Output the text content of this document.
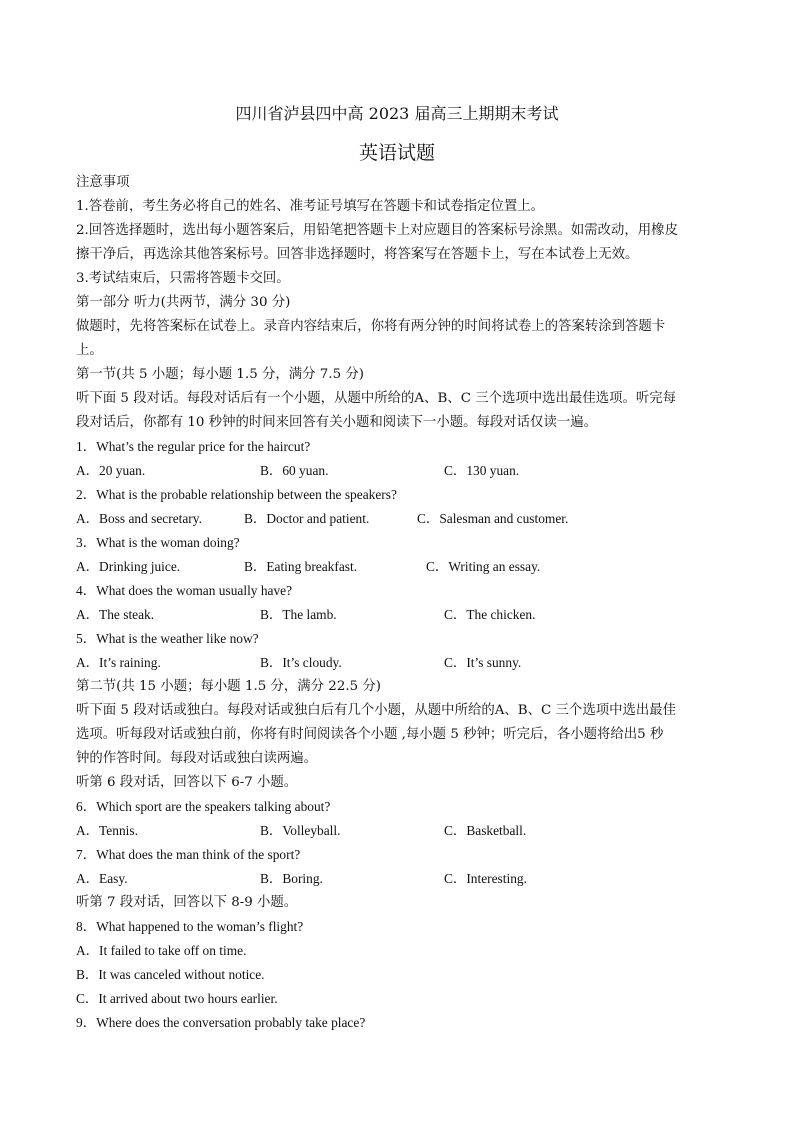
四川省泸县四中高 2023 届高三上期期末考试
英语试题
注意事项
1.答卷前，考生务必将自己的姓名、准考证号填写在答题卡和试卷指定位置上。
2.回答选择题时，选出每小题答案后，用铅笔把答题卡上对应题目的答案标号涂黑。如需改动，用橡皮
擦干净后，再选涂其他答案标号。回答非选择题时，将答案写在答题卡上，写在本试卷上无效。
3.考试结束后，只需将答题卡交回。
第一部分 听力(共两节，满分 30 分)
做题时，先将答案标在试卷上。录音内容结束后，你将有两分钟的时间将试卷上的答案转涂到答题卡
上。
第一节(共 5 小题；每小题 1.5 分，满分 7.5 分)
听下面 5 段对话。每段对话后有一个小题，从题中所给的A、B、C 三个选项中选出最佳选项。听完每
段对话后，你都有 10 秒钟的时间来回答有关小题和阅读下一小题。每段对话仅读一遍。
1．What’s the regular price for the haircut?
A．20 yuan.	B．60 yuan.	C．130 yuan.
2．What is the probable relationship between the speakers?
A．Boss and secretary.	B．Doctor and patient.	C．Salesman and customer.
3．What is the woman doing?
A．Drinking juice.	B．Eating breakfast.	C．Writing an essay.
4．What does the woman usually have?
A．The steak.	B．The lamb.	C．The chicken.
5．What is the weather like now?
A．It’s raining.	B．It’s cloudy.	C．It’s sunny.
第二节(共 15 小题；每小题 1.5 分，满分 22.5 分)
听下面 5 段对话或独白。每段对话或独白后有几个小题，从题中所给的A、B、C 三个选项中选出最佳
选项。听每段对话或独白前，你将有时间阅读各个小题 ,每小题 5 秒钟；听完后，各小题将给出5 秒
钟的作答时间。每段对话或独白读两遍。
听第 6 段对话，回答以下 6-7 小题。
6．Which sport are the speakers talking about?
A．Tennis.	B．Volleyball.	C．Basketball.
7．What does the man think of the sport?
A．Easy.	B．Boring.	C．Interesting.
听第 7 段对话，回答以下 8-9 小题。
8．What happened to the woman’s flight?
A．It failed to take off on time.
B．It was canceled without notice.
C．It arrived about two hours earlier.
9．Where does the conversation probably take place?
